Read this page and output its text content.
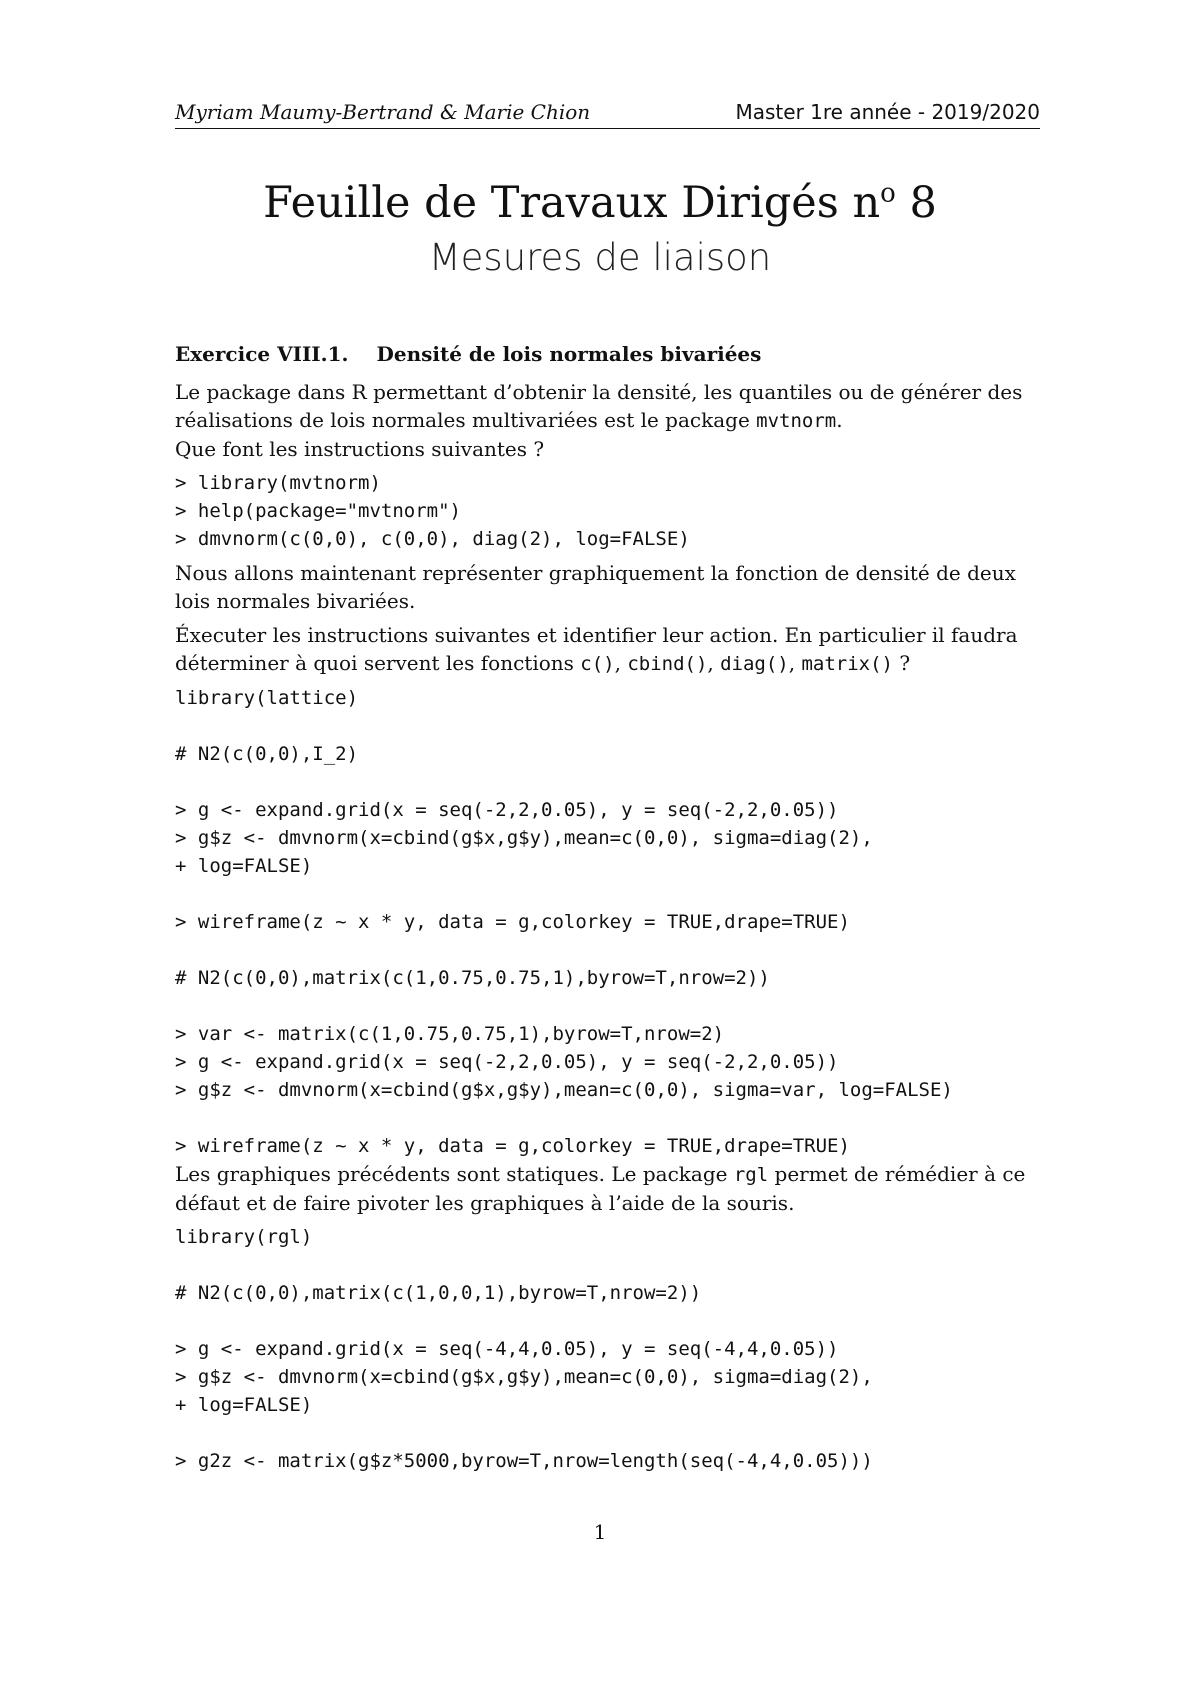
Myriam Maumy-Bertrand & Marie Chion	Master 1re année - 2019/2020
Feuille de Travaux Dirigés $n^o$ 8
Mesures de liaison
Exercice VIII.1. Densité de lois normales bivariées
Le package dans R permettant d’obtenir la densité, les quantiles ou de générer des réalisations de lois normales multivariées est le package mvtnorm.
Que font les instructions suivantes ?
> library(mvtnorm)
> help(package="mvtnorm")
> dmvnorm(c(0,0), c(0,0), diag(2), log=FALSE)
Nous allons maintenant représenter graphiquement la fonction de densité de deux lois normales bivariées.
Éxecuter les instructions suivantes et identifier leur action. En particulier il faudra déterminer à quoi servent les fonctions c(), cbind(), diag(), matrix() ?
library(lattice)

# N2(c(0,0),I_2)

> g <- expand.grid(x = seq(-2,2,0.05), y = seq(-2,2,0.05))
> g$z <- dmvnorm(x=cbind(g$x,g$y),mean=c(0,0), sigma=diag(2),
+ log=FALSE)

> wireframe(z ~ x * y, data = g,colorkey = TRUE,drape=TRUE)

# N2(c(0,0),matrix(c(1,0.75,0.75,1),byrow=T,nrow=2))

> var <- matrix(c(1,0.75,0.75,1),byrow=T,nrow=2)
> g <- expand.grid(x = seq(-2,2,0.05), y = seq(-2,2,0.05))
> g$z <- dmvnorm(x=cbind(g$x,g$y),mean=c(0,0), sigma=var, log=FALSE)

> wireframe(z ~ x * y, data = g,colorkey = TRUE,drape=TRUE)
Les graphiques précédents sont statiques. Le package rgl permet de rémédier à ce défaut et de faire pivoter les graphiques à l’aide de la souris.
library(rgl)

# N2(c(0,0),matrix(c(1,0,0,1),byrow=T,nrow=2))

> g <- expand.grid(x = seq(-4,4,0.05), y = seq(-4,4,0.05))
> g$z <- dmvnorm(x=cbind(g$x,g$y),mean=c(0,0), sigma=diag(2),
+ log=FALSE)

> g2z <- matrix(g$z*5000,byrow=T,nrow=length(seq(-4,4,0.05)))
1
